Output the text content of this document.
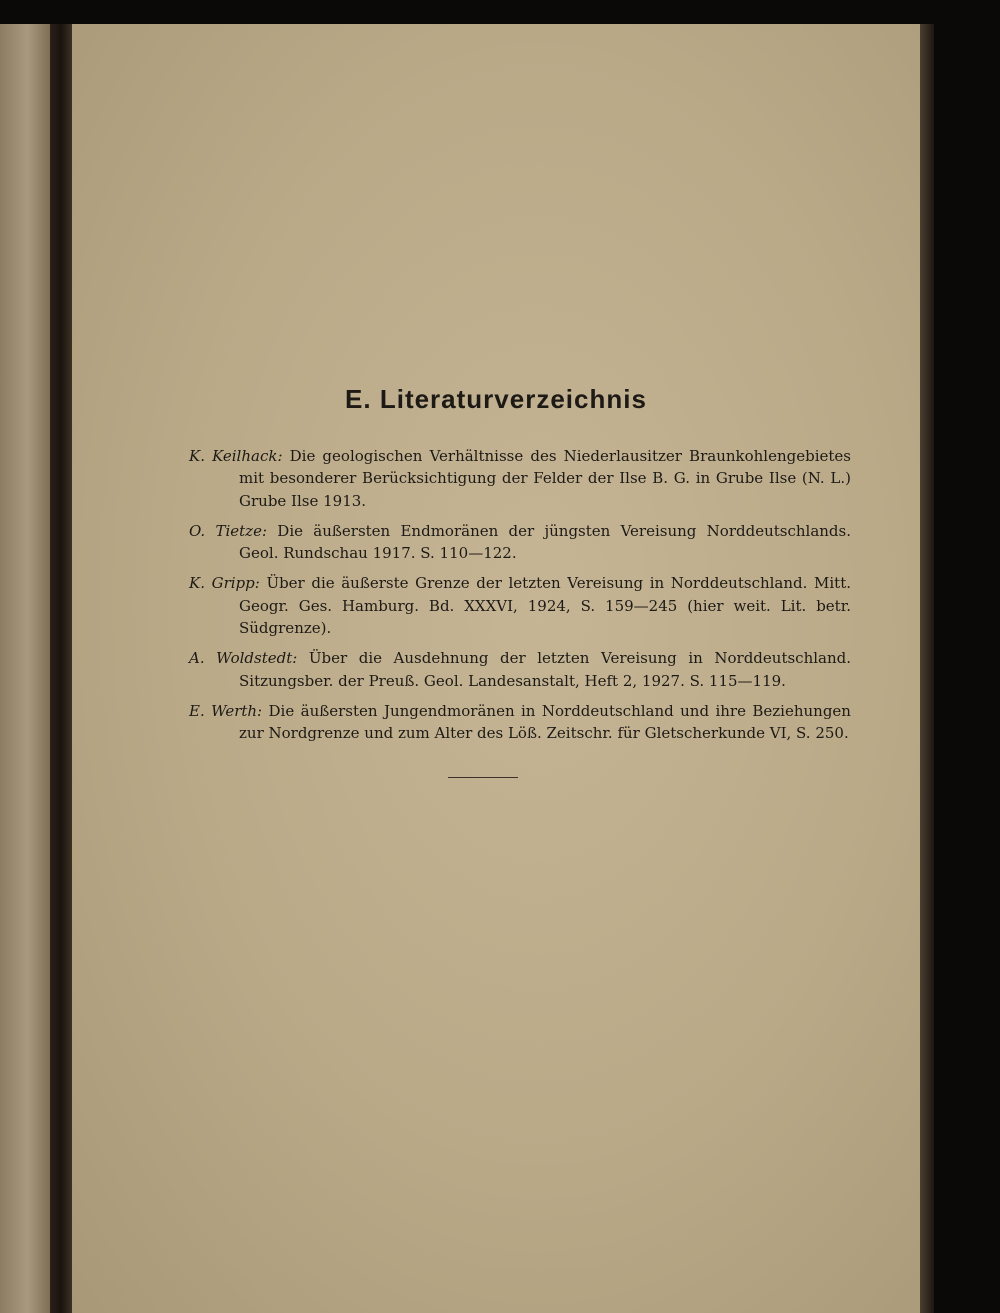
E. Literaturverzeichnis
K. Keilhack: Die geologischen Verhältnisse des Niederlausitzer Braunkohlengebietes mit besonderer Berücksichtigung der Felder der Ilse B. G. in Grube Ilse (N. L.) Grube Ilse 1913.
O. Tietze: Die äußersten Endmoränen der jüngsten Vereisung Norddeutschlands. Geol. Rundschau 1917. S. 110—122.
K. Gripp: Über die äußerste Grenze der letzten Vereisung in Norddeutschland. Mitt. Geogr. Ges. Hamburg. Bd. XXXVI, 1924, S. 159—245 (hier weit. Lit. betr. Südgrenze).
A. Woldstedt: Über die Ausdehnung der letzten Vereisung in Norddeutschland. Sitzungsber. der Preuß. Geol. Landesanstalt, Heft 2, 1927. S. 115—119.
E. Werth: Die äußersten Jungendmoränen in Norddeutschland und ihre Beziehungen zur Nordgrenze und zum Alter des Löß. Zeitschr. für Gletscherkunde VI, S. 250.
